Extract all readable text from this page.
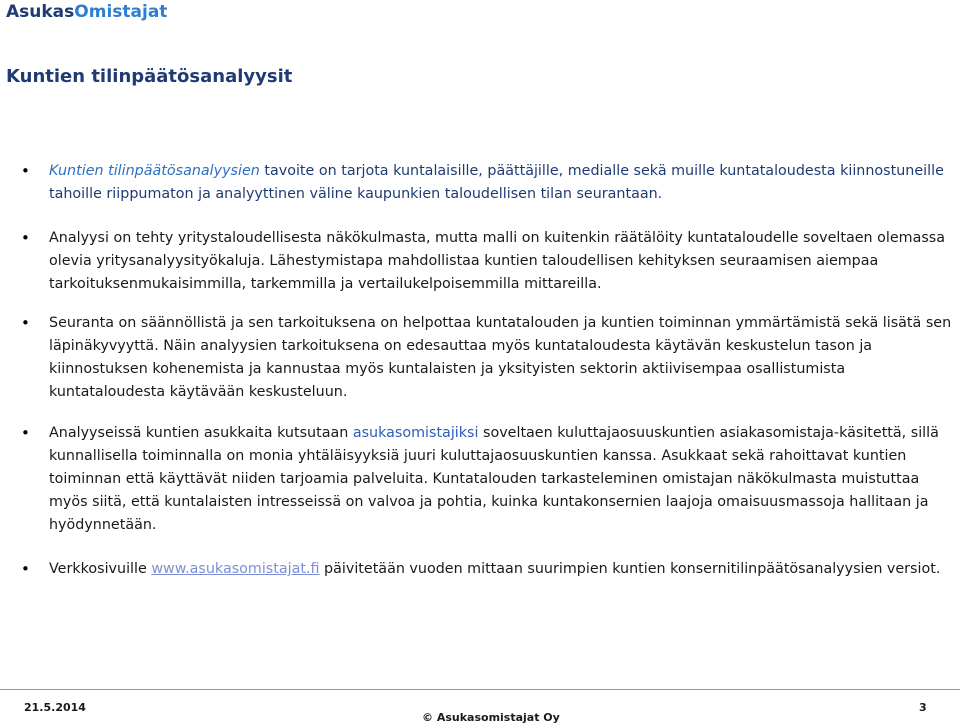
AsukasOmistajat
Kuntien tilinpäätösanalyysit
• Kuntien tilinpäätösanalyysien tavoite on tarjota kuntalaisille, päättäjille, medialle sekä muille kuntataloudesta kiinnostuneille tahoille riippumaton ja analyyttinen väline kaupunkien taloudellisen tilan seurantaan.
• Analyysi on tehty yritystaloudellisesta näkökulmasta, mutta malli on kuitenkin räätälöity kuntataloudelle soveltaen olemassa olevia yritysanalyysityökaluja. Lähestymistapa mahdollistaa kuntien taloudellisen kehityksen seuraamisen aiempaa tarkoituksenmukaisimmilla, tarkemmilla ja vertailukelpoisemmilla mittareilla.
• Seuranta on säännöllistä ja sen tarkoituksena on helpottaa kuntatalouden ja kuntien toiminnan ymmärtämistä sekä lisätä sen läpinäkyvyyttä. Näin analyysien tarkoituksena on edesauttaa myös kuntataloudesta käytävän keskustelun tason ja kiinnostuksen kohenemista ja kannustaa myös kuntalaisten ja yksityisten sektorin aktiivisempaa osallistumista kuntataloudesta käytävään keskusteluun.
• Analyyseissä kuntien asukkaita kutsutaan asukasomistajiksi soveltaen kuluttajaosuuskuntien asiakasomistaja-käsitettä, sillä kunnallisella toiminnalla on monia yhtäläisyyksiä juuri kuluttajaosuuskuntien kanssa. Asukkaat sekä rahoittavat kuntien toiminnan että käyttävät niiden tarjoamia palveluita. Kuntatalouden tarkasteleminen omistajan näkökulmasta muistuttaa myös siitä, että kuntalaisten intresseissä on valvoa ja pohtia, kuinka kuntakonsernien laajoja omaisuusmassoja hallitaan ja hyödynnetään.
• Verkkosivuille www.asukasomistajat.fi päivitetään vuoden mittaan suurimpien kuntien konsernitilinpäätösanalyysien versiot.
21.5.2014
© Asukasomistajat Oy
3
